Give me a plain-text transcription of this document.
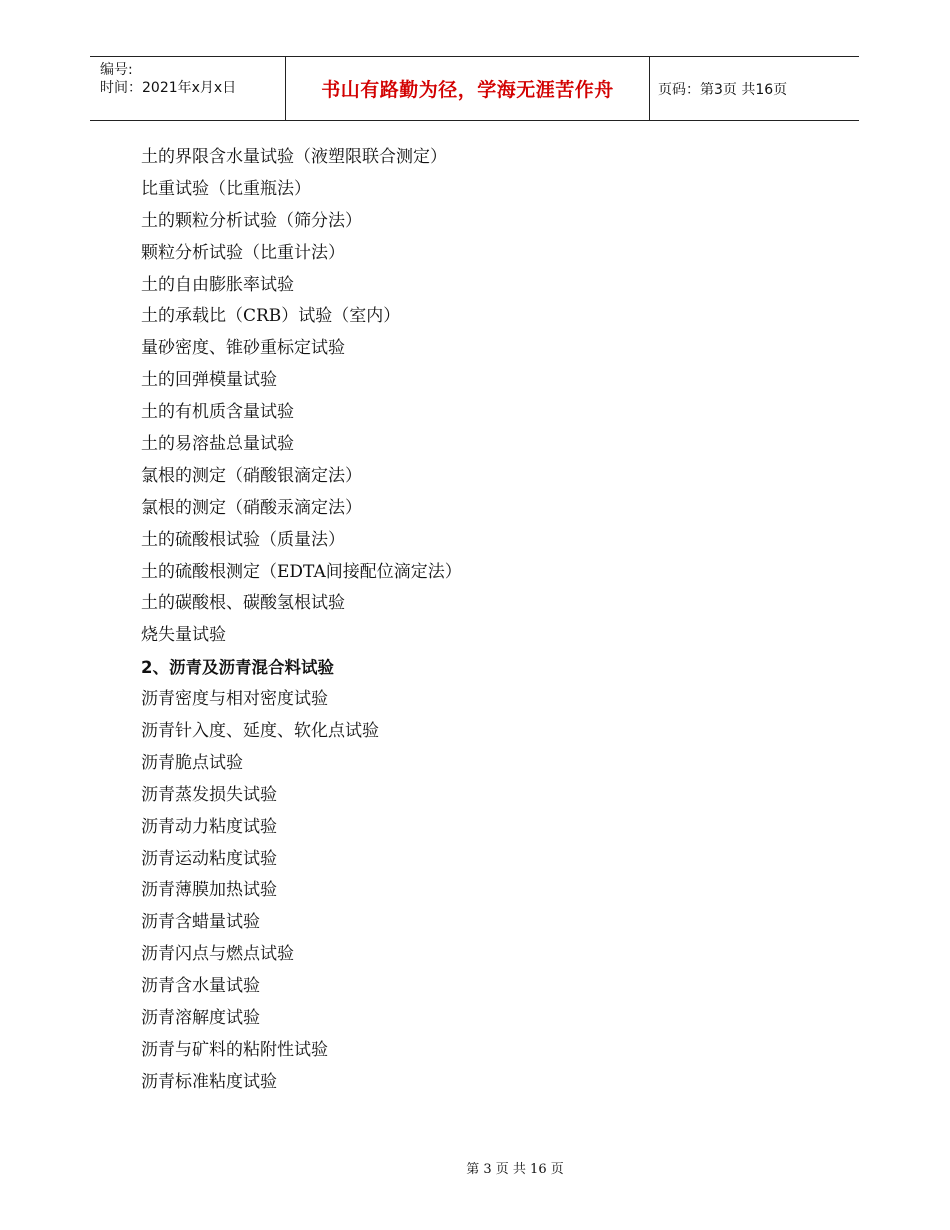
编号:
时间：2021年x月x日	书山有路勤为径，学海无涯苦作舟	页码：第3页 共16页
土的界限含水量试验（液塑限联合测定）
比重试验（比重瓶法）
土的颗粒分析试验（筛分法）
颗粒分析试验（比重计法）
土的自由膨胀率试验
土的承载比（CRB）试验（室内）
量砂密度、锥砂重标定试验
土的回弹模量试验
土的有机质含量试验
土的易溶盐总量试验
氯根的测定（硝酸银滴定法）
氯根的测定（硝酸汞滴定法）
土的硫酸根试验（质量法）
土的硫酸根测定（EDTA间接配位滴定法）
土的碳酸根、碳酸氢根试验
烧失量试验
2、沥青及沥青混合料试验
沥青密度与相对密度试验
沥青针入度、延度、软化点试验
沥青脆点试验
沥青蒸发损失试验
沥青动力粘度试验
沥青运动粘度试验
沥青薄膜加热试验
沥青含蜡量试验
沥青闪点与燃点试验
沥青含水量试验
沥青溶解度试验
沥青与矿料的粘附性试验
沥青标准粘度试验
第 3 页 共 16 页
